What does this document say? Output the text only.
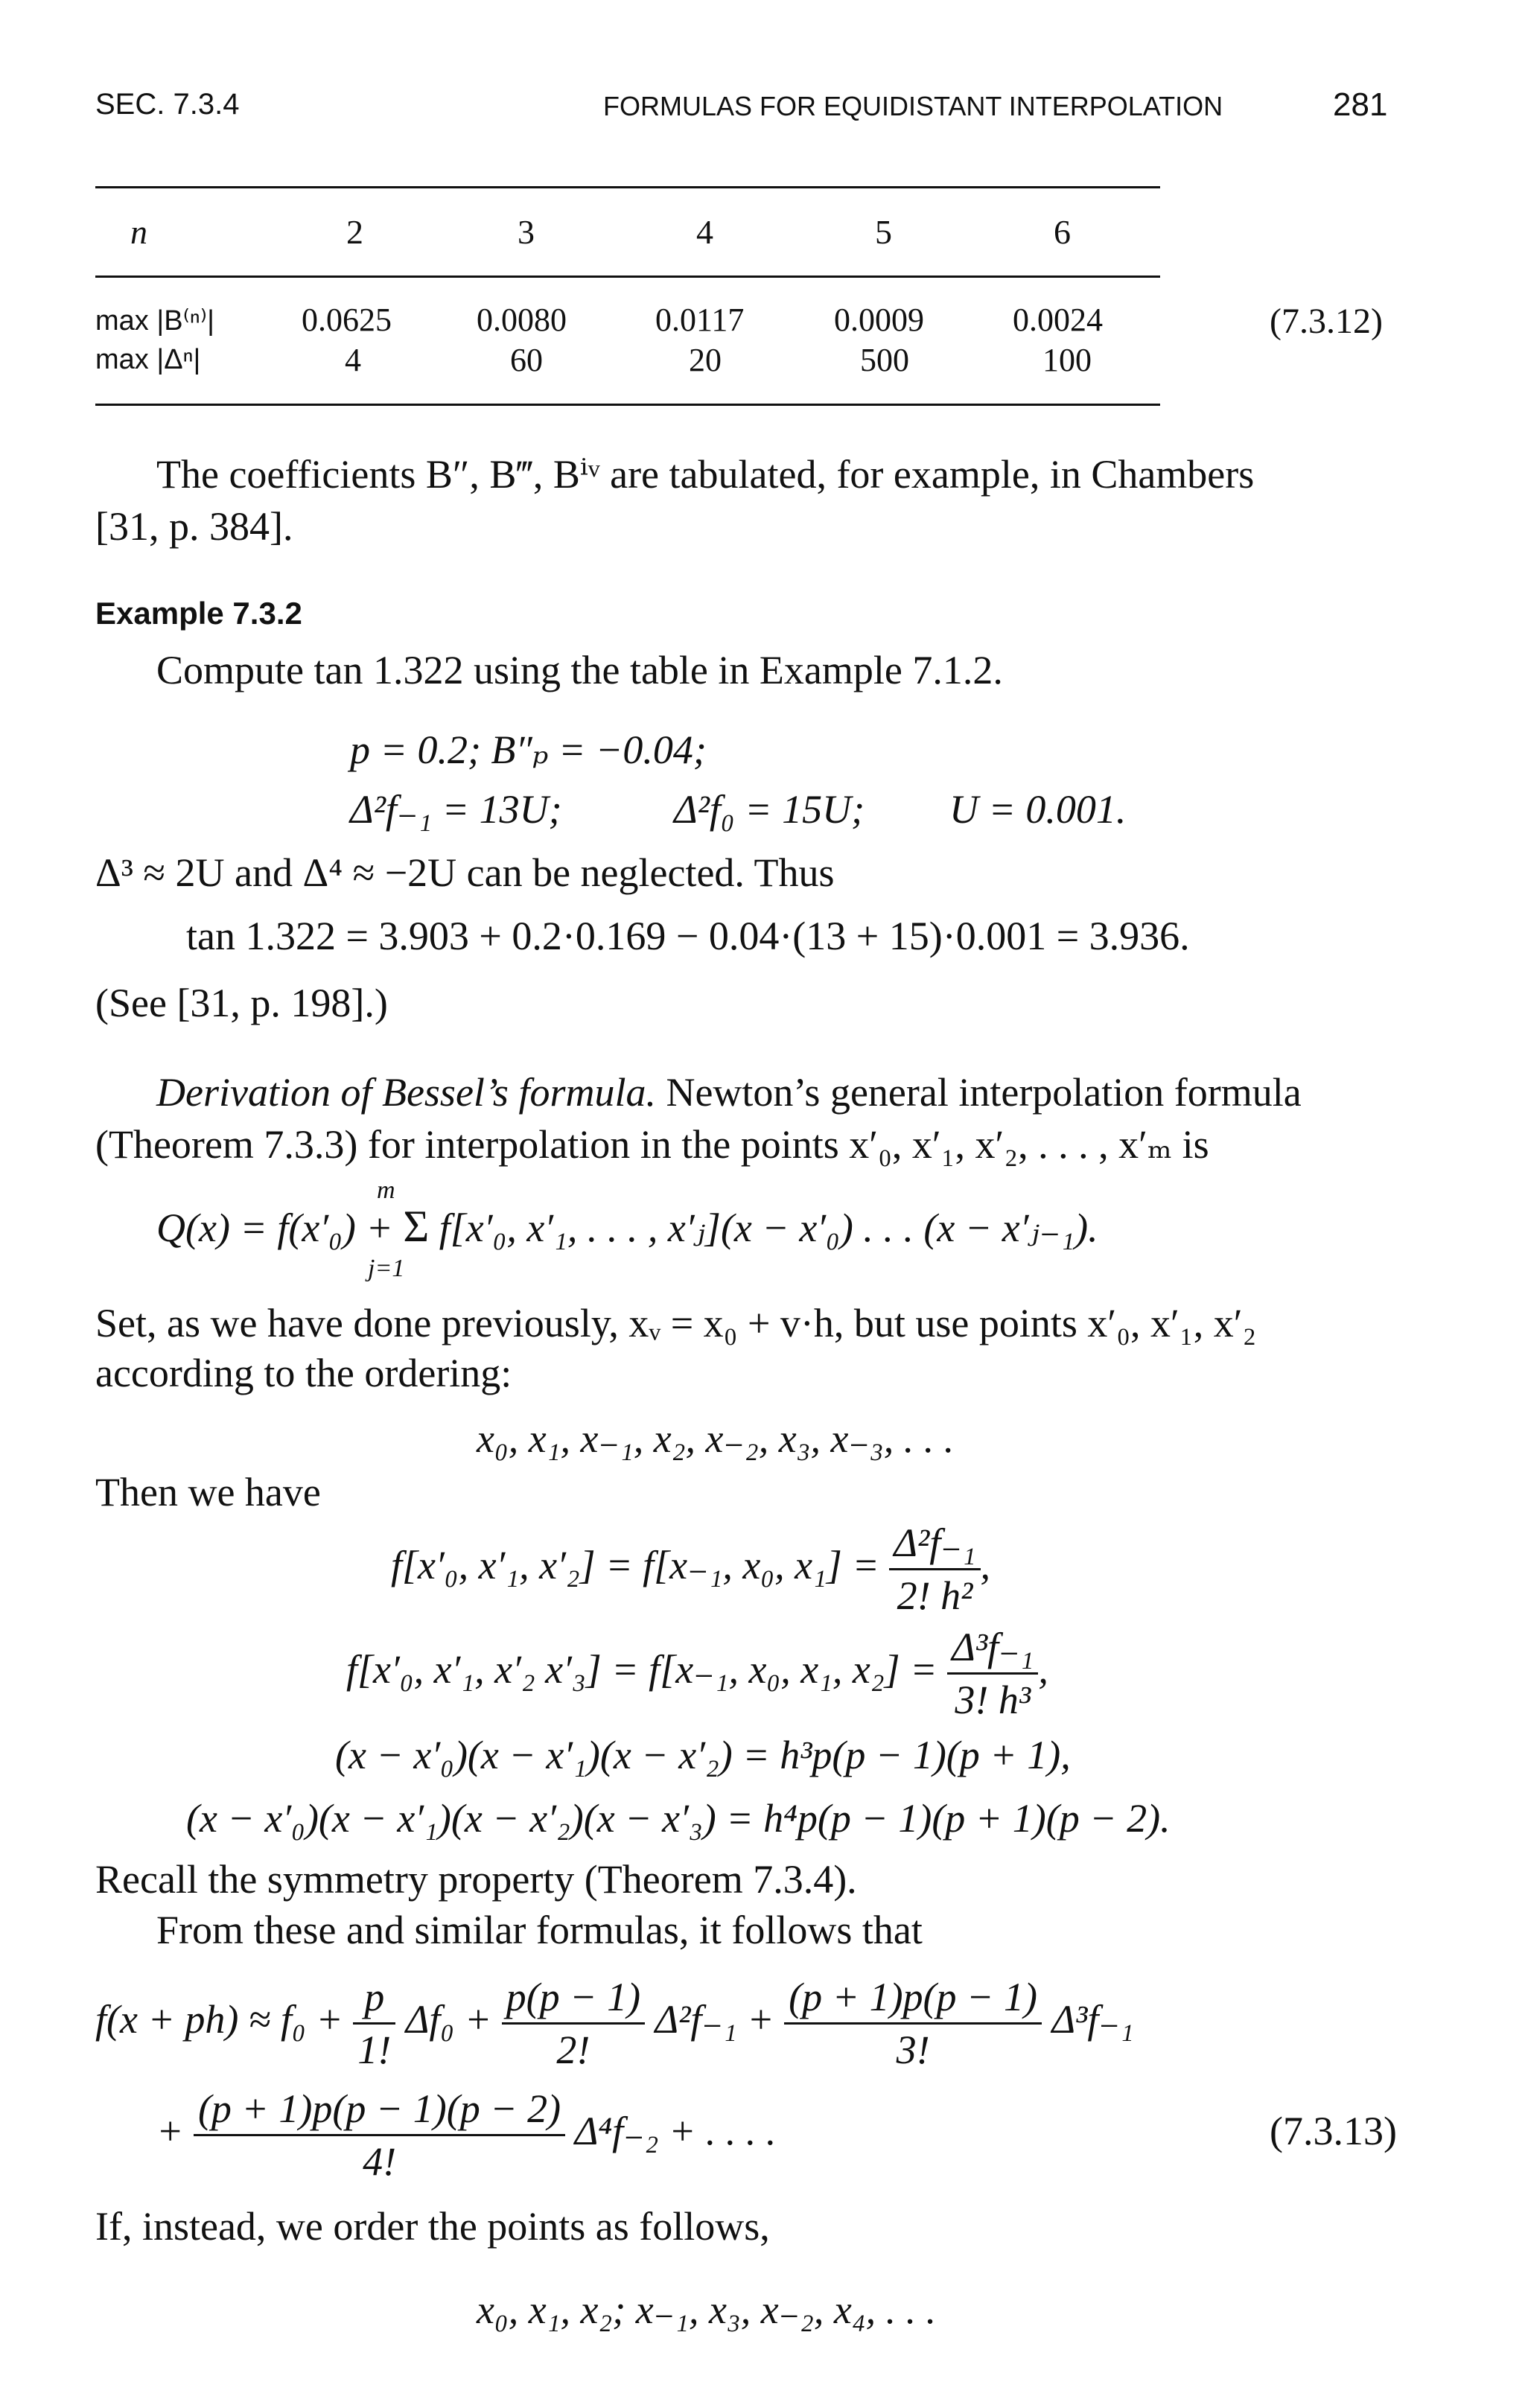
SEC. 7.3.4	FORMULAS FOR EQUIDISTANT INTERPOLATION	281
n	2	3	4	5	6
max |B⁽ⁿ⁾|	0.0625	0.0080	0.0117	0.0009	0.0024	(7.3.12)
max |Δⁿ|	4	60	20	500	100
The coefficients B″, B‴, Bⁱᵛ are tabulated, for example, in Chambers
[31, p. 384].
Example 7.3.2
Compute tan 1.322 using the table in Example 7.1.2.
p = 0.2; B″ₚ = −0.04;
Δ²f₋₁ = 13U;	Δ²f₀ = 15U; U = 0.001.
Δ³ ≈ 2U and Δ⁴ ≈ −2U can be neglected. Thus
tan 1.322 = 3.903 + 0.2·0.169 − 0.04·(13 + 15)·0.001 = 3.936.
(See [31, p. 198].)
Derivation of Bessel’s formula. Newton’s general interpolation formula
(Theorem 7.3.3) for interpolation in the points x′₀, x′₁, x′₂, . . . , x′ₘ is
m
Q(x) = f(x′₀) + Σ f[x′₀, x′₁, . . . , x′ⱼ](x − x′₀) . . . (x − x′ⱼ₋₁).
j=1
Set, as we have done previously, xᵥ = x₀ + v·h, but use points x′₀, x′₁, x′₂
according to the ordering:
x₀, x₁, x₋₁, x₂, x₋₂, x₃, x₋₃, . . .
Then we have
f[x′₀, x′₁, x′₂] = f[x₋₁, x₀, $x_1] = \frac{\text{Δ²f₋₁}}{\text{2! h²}}$ ,
f[x′₀, x′₁, x′₂ x′₃] = f[x₋₁, x₀, x₁, $x_2] = \frac{\text{Δ³f₋₁}}{\text{3! h³}}$ ,
(x − x′₀)(x − x′₁)(x − x′₂) = h³p(p − 1)(p + 1),
(x − x′₀)(x − x′₁)(x − x′₂)(x − x′₃) = h⁴p(p − 1)(p + 1)(p − 2).
Recall the symmetry property (Theorem 7.3.4).
From these and similar formulas, it follows that
$f(x + ph) \approx f_0 + \frac{p}{1!} \Delta f_0 + \frac{p(p - 1)}{2!} \Delta^2f_{-1} + \frac{(p + 1)p(p - 1)}{3!} \Delta^3f_{-1}$
+ $\frac{(p + 1)p(p - 1)(p - 2)}{4!} \Delta^4f_{-2}$ + . . . .	(7.3.13)
If, instead, we order the points as follows,
x₀, x₁, x₂; x₋₁, x₃, x₋₂, x₄, . . .
